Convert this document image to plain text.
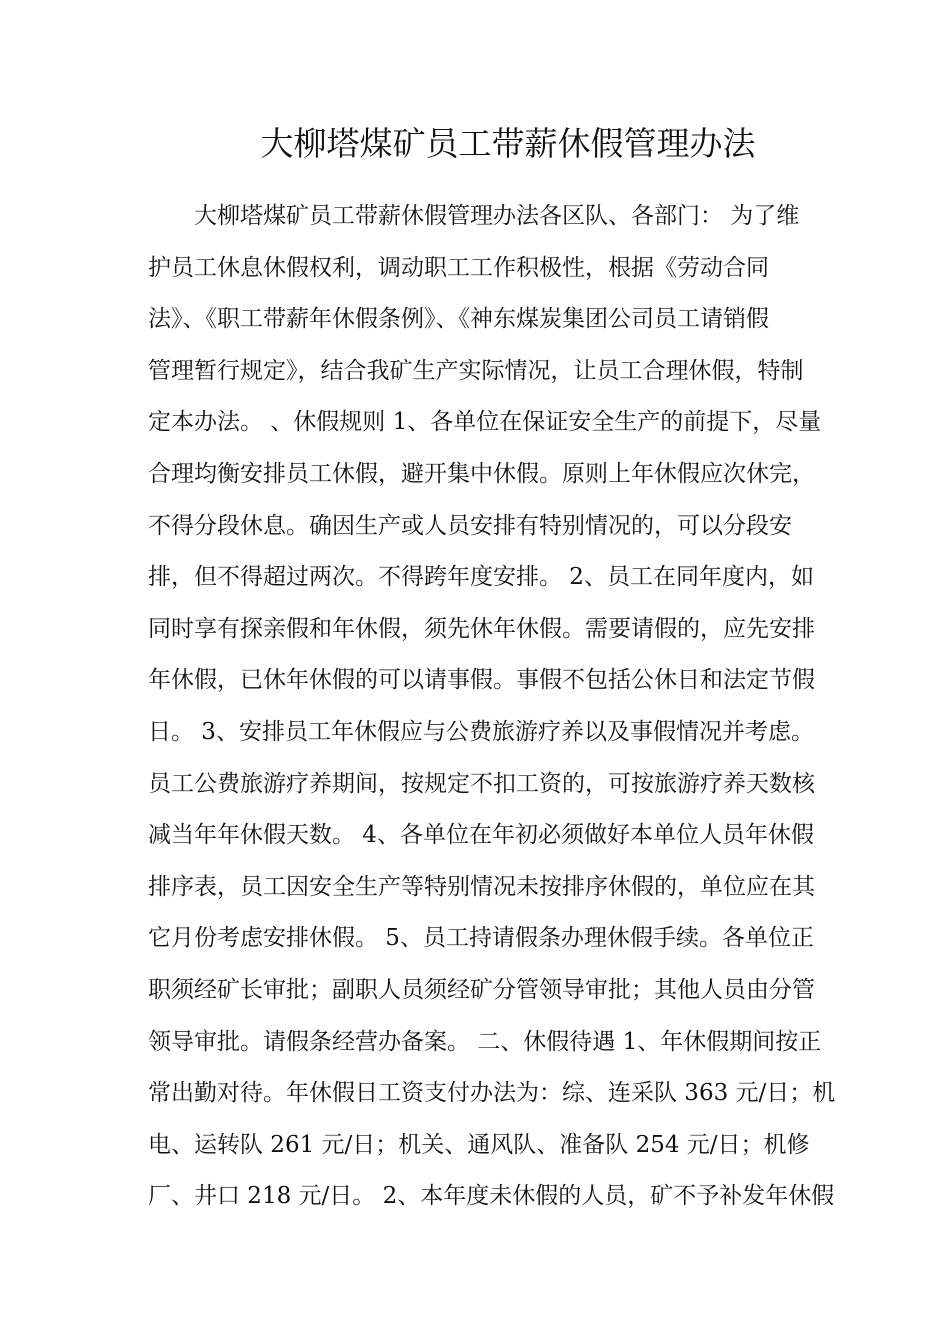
大柳塔煤矿员工带薪休假管理办法
大柳塔煤矿员工带薪休假管理办法各区队、各部门： 为了维
护员工休息休假权利，调动职工工作积极性，根据《劳动合同
法》、《职工带薪年休假条例》、《神东煤炭集团公司员工请销假
管理暂行规定》，结合我矿生产实际情况，让员工合理休假，特制
定本办法。 、休假规则 1、各单位在保证安全生产的前提下，尽量
合理均衡安排员工休假，避开集中休假。原则上年休假应次休完，
不得分段休息。确因生产或人员安排有特别情况的，可以分段安
排，但不得超过两次。不得跨年度安排。 2、员工在同年度内，如
同时享有探亲假和年休假，须先休年休假。需要请假的，应先安排
年休假，已休年休假的可以请事假。事假不包括公休日和法定节假
日。 3、安排员工年休假应与公费旅游疗养以及事假情况并考虑。
员工公费旅游疗养期间，按规定不扣工资的，可按旅游疗养天数核
减当年年休假天数。 4、各单位在年初必须做好本单位人员年休假
排序表，员工因安全生产等特别情况未按排序休假的，单位应在其
它月份考虑安排休假。 5、员工持请假条办理休假手续。各单位正
职须经矿长审批；副职人员须经矿分管领导审批；其他人员由分管
领导审批。请假条经营办备案。 二、休假待遇 1、年休假期间按正
常出勤对待。年休假日工资支付办法为：综、连采队 363 元/日；机
电、运转队 261 元/日；机关、通风队、准备队 254 元/日；机修
厂、井口 218 元/日。 2、本年度未休假的人员，矿不予补发年休假
